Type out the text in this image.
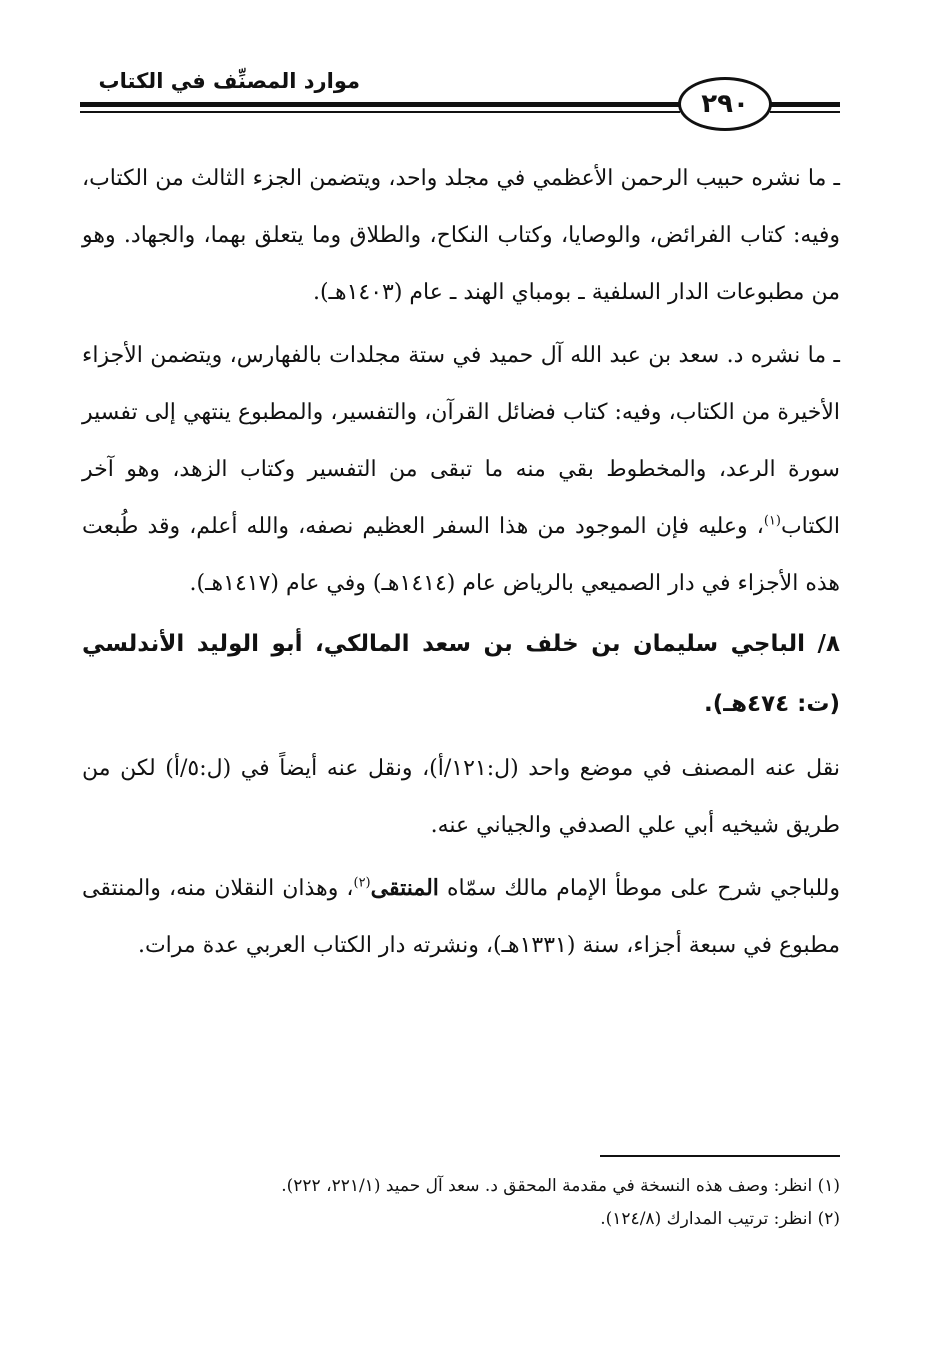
موارد المصنِّف في الكتاب
٢٩٠

ـ ما نشره حبيب الرحمن الأعظمي في مجلد واحد، ويتضمن الجزء الثالث من الكتاب، وفيه: كتاب الفرائض، والوصايا، وكتاب النكاح، والطلاق وما يتعلق بهما، والجهاد. وهو من مطبوعات الدار السلفية ـ بومباي الهند ـ عام (١٤٠٣هـ).

ـ ما نشره د. سعد بن عبد الله آل حميد في ستة مجلدات بالفهارس، ويتضمن الأجزاء الأخيرة من الكتاب، وفيه: كتاب فضائل القرآن، والتفسير، والمطبوع ينتهي إلى تفسير سورة الرعد، والمخطوط بقي منه ما تبقى من التفسير وكتاب الزهد، وهو آخر الكتاب$^{(١)}$، وعليه فإن الموجود من هذا السفر العظيم نصفه، والله أعلم، وقد طُبعت هذه الأجزاء في دار الصميعي بالرياض عام (١٤١٤هـ) وفي عام (١٤١٧هـ).

٨/ الباجي سليمان بن خلف بن سعد المالكي، أبو الوليد الأندلسي (ت: ٤٧٤هـ).

نقل عنه المصنف في موضع واحد (ل:١٢١/أ)، ونقل عنه أيضاً في (ل:٥/أ) لكن من طريق شيخيه أبي علي الصدفي والجياني عنه.

وللباجي شرح على موطأ الإمام مالك سمّاه المنتقى$^{(٢)}$، وهذان النقلان منه، والمنتقى مطبوع في سبعة أجزاء، سنة (١٣٣١هـ)، ونشرته دار الكتاب العربي عدة مرات.

(١) انظر: وصف هذه النسخة في مقدمة المحقق د. سعد آل حميد (٢٢١/١، ٢٢٢).

(٢) انظر: ترتيب المدارك (١٢٤/٨).
